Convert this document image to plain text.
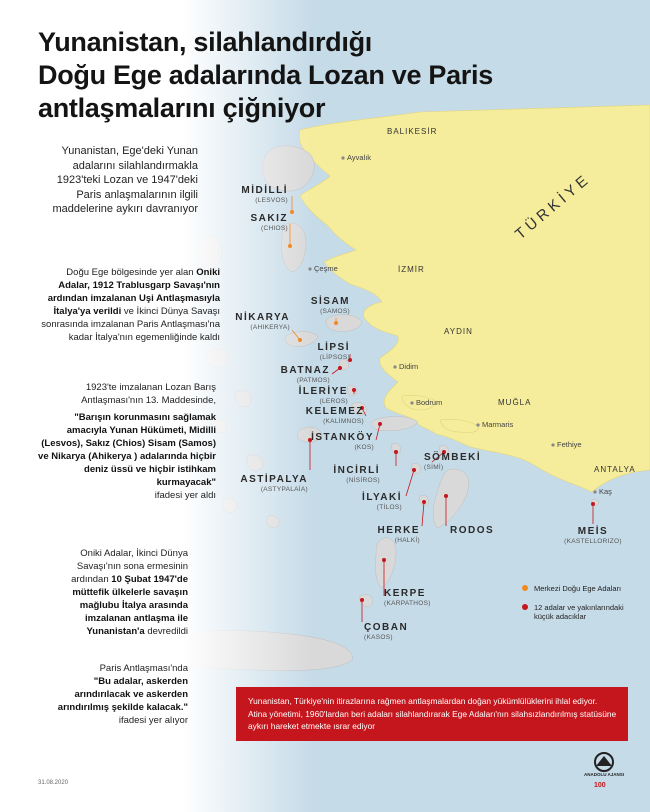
Yunanistan, silahlandırdığı
Doğu Ege adalarında Lozan ve Paris
antlaşmalarını çiğniyor
Yunanistan, Ege'deki Yunan adalarını silahlandırmakla 1923'teki Lozan ve 1947'deki Paris anlaşmalarının ilgili maddelerine aykırı davranıyor
Doğu Ege bölgesinde yer alan Oniki Adalar, 1912 Trablusgarp Savaşı'nın ardından imzalanan Uşi Antlaşmasıyla İtalya'ya verildi ve İkinci Dünya Savaşı sonrasında imzalanan Paris Antlaşması'na kadar İtalya'nın egemenliğinde kaldı
1923'te imzalanan Lozan Barış Antlaşması'nın 13. Maddesinde,
"Barışın korunmasını sağlamak amacıyla Yunan Hükümeti, Midilli (Lesvos), Sakız (Chios) Sisam (Samos) ve Nikarya (Ahikerya ) adalarında hiçbir deniz üssü ve hiçbir istihkam kurmayacak"
ifadesi yer aldı
Oniki Adalar, İkinci Dünya Savaşı'nın sona ermesinin ardından 10 Şubat 1947'de müttefik ülkelerle savaşın mağlubu İtalya arasında imzalanan antlaşma ile Yunanistan'a devredildi
Paris Antlaşması'nda
"Bu adalar, askerden arındırılacak ve askerden arındırılmış şekilde kalacak." ifadesi yer alıyor
MİDİLLİ
(LESVOS)
SAKIZ
(CHIOS)
SİSAM
(SAMOS)
NİKARYA
(AHIKERYA)
LİPSİ
(LİPSOS)
BATNAZ
(PATMOS)
İLERİYE
(LEROS)
KELEMEZ
(KALİMNOS)
İSTANKÖY
(KOS)
İNCİRLİ
(NİSİROS)
ASTİPALYA
(ASTYPALAİA)
İLYAKİ
(TİLOS)
SÖMBEKİ
(SİMİ)
HERKE
(HALKİ)
RODOS	MEİS
(KASTELLORIZO)
KERPE
(KARPATHOS)
ÇOBAN
(KASOS)
Ayvalık
Çeşme
Didim
Bodrum
Marmaris
Fethiye
Kaş
BALIKESİR
İZMİR
AYDIN
MUĞLA
ANTALYA
TÜRKİYE
Merkezi Doğu Ege Adaları
12 adalar ve yakınlarındaki küçük adacıklar
Yunanistan, Türkiye'nin itirazlarına rağmen antlaşmalardan doğan yükümlülüklerini ihlal ediyor. Atina yönetimi, 1960'lardan beri adaları silahlandırarak Ege Adaları'nın silahsızlandırılmış statüsüne aykırı hareket etmekte ısrar ediyor
31.08.2020
ANADOLU AJANSI
100
